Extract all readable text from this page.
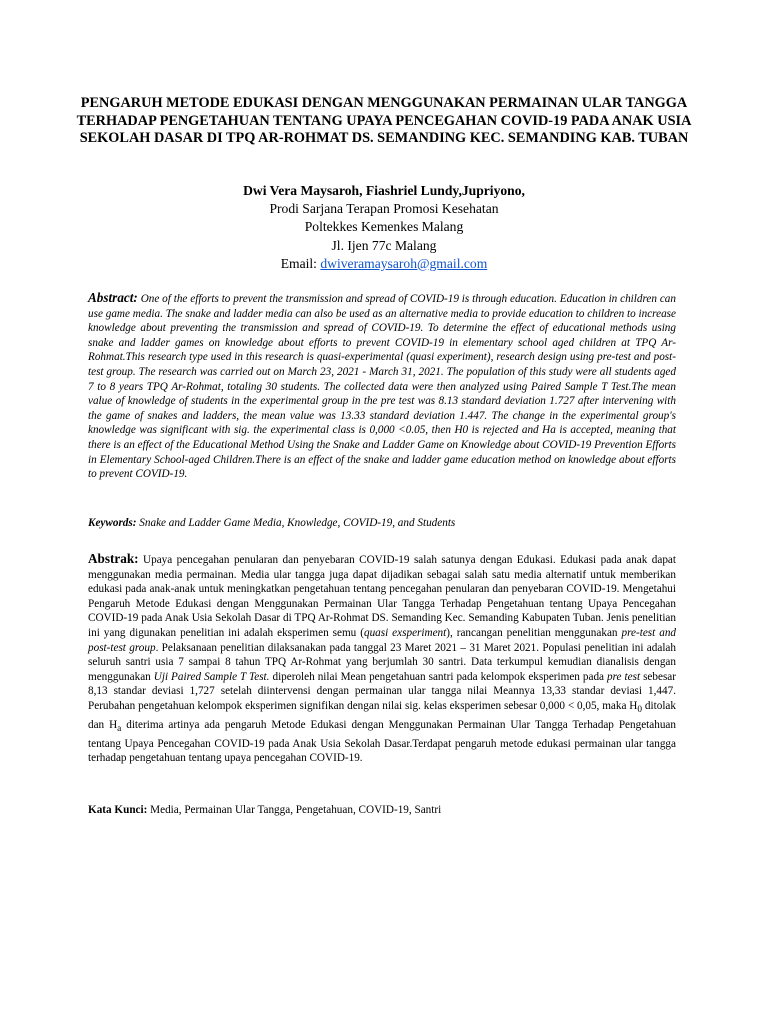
PENGARUH METODE EDUKASI DENGAN MENGGUNAKAN PERMAINAN ULAR TANGGA TERHADAP PENGETAHUAN TENTANG UPAYA PENCEGAHAN COVID-19 PADA ANAK USIA SEKOLAH DASAR DI TPQ AR-ROHMAT DS. SEMANDING KEC. SEMANDING KAB. TUBAN
Dwi Vera Maysaroh, Fiashriel Lundy,Jupriyono,
Prodi Sarjana Terapan Promosi Kesehatan
Poltekkes Kemenkes Malang
Jl. Ijen 77c Malang
Email: dwiveramaysaroh@gmail.com
Abstract: One of the efforts to prevent the transmission and spread of COVID-19 is through education. Education in children can use game media. The snake and ladder media can also be used as an alternative media to provide education to children to increase knowledge about preventing the transmission and spread of COVID-19. To determine the effect of educational methods using snake and ladder games on knowledge about efforts to prevent COVID-19 in elementary school aged children at TPQ Ar-Rohmat.This research type used in this research is quasi-experimental (quasi experiment), research design using pre-test and post-test group. The research was carried out on March 23, 2021 - March 31, 2021. The population of this study were all students aged 7 to 8 years TPQ Ar-Rohmat, totaling 30 students. The collected data were then analyzed using Paired Sample T Test.The mean value of knowledge of students in the experimental group in the pre test was 8.13 standard deviation 1.727 after intervening with the game of snakes and ladders, the mean value was 13.33 standard deviation 1.447. The change in the experimental group's knowledge was significant with sig. the experimental class is 0,000 <0.05, then H0 is rejected and Ha is accepted, meaning that there is an effect of the Educational Method Using the Snake and Ladder Game on Knowledge about COVID-19 Prevention Efforts in Elementary School-aged Children.There is an effect of the snake and ladder game education method on knowledge about efforts to prevent COVID-19.
Keywords: Snake and Ladder Game Media, Knowledge, COVID-19, and Students
Abstrak: Upaya pencegahan penularan dan penyebaran COVID-19 salah satunya dengan Edukasi. Edukasi pada anak dapat menggunakan media permainan. Media ular tangga juga dapat dijadikan sebagai salah satu media alternatif untuk memberikan edukasi pada anak-anak untuk meningkatkan pengetahuan tentang pencegahan penularan dan penyebaran COVID-19. Mengetahui Pengaruh Metode Edukasi dengan Menggunakan Permainan Ular Tangga Terhadap Pengetahuan tentang Upaya Pencegahan COVID-19 pada Anak Usia Sekolah Dasar di TPQ Ar-Rohmat DS. Semanding Kec. Semanding Kabupaten Tuban. Jenis penelitian ini yang digunakan penelitian ini adalah eksperimen semu (quasi exsperiment), rancangan penelitian menggunakan pre-test and post-test group. Pelaksanaan penelitian dilaksanakan pada tanggal 23 Maret 2021 – 31 Maret 2021. Populasi penelitian ini adalah seluruh santri usia 7 sampai 8 tahun TPQ Ar-Rohmat yang berjumlah 30 santri. Data terkumpul kemudian dianalisis dengan menggunakan Uji Paired Sample T Test. diperoleh nilai Mean pengetahuan santri pada kelompok eksperimen pada pre test sebesar 8,13 standar deviasi 1,727 setelah diintervensi dengan permainan ular tangga nilai Meannya 13,33 standar deviasi 1,447. Perubahan pengetahuan kelompok eksperimen signifikan dengan nilai sig. kelas eksperimen sebesar 0,000 < 0,05, maka $H_0$ ditolak dan $H_a$ diterima artinya ada pengaruh Metode Edukasi dengan Menggunakan Permainan Ular Tangga Terhadap Pengetahuan tentang Upaya Pencegahan COVID-19 pada Anak Usia Sekolah Dasar.Terdapat pengaruh metode edukasi permainan ular tangga terhadap pengetahuan tentang upaya pencegahan COVID-19.
Kata Kunci: Media, Permainan Ular Tangga, Pengetahuan, COVID-19, Santri
